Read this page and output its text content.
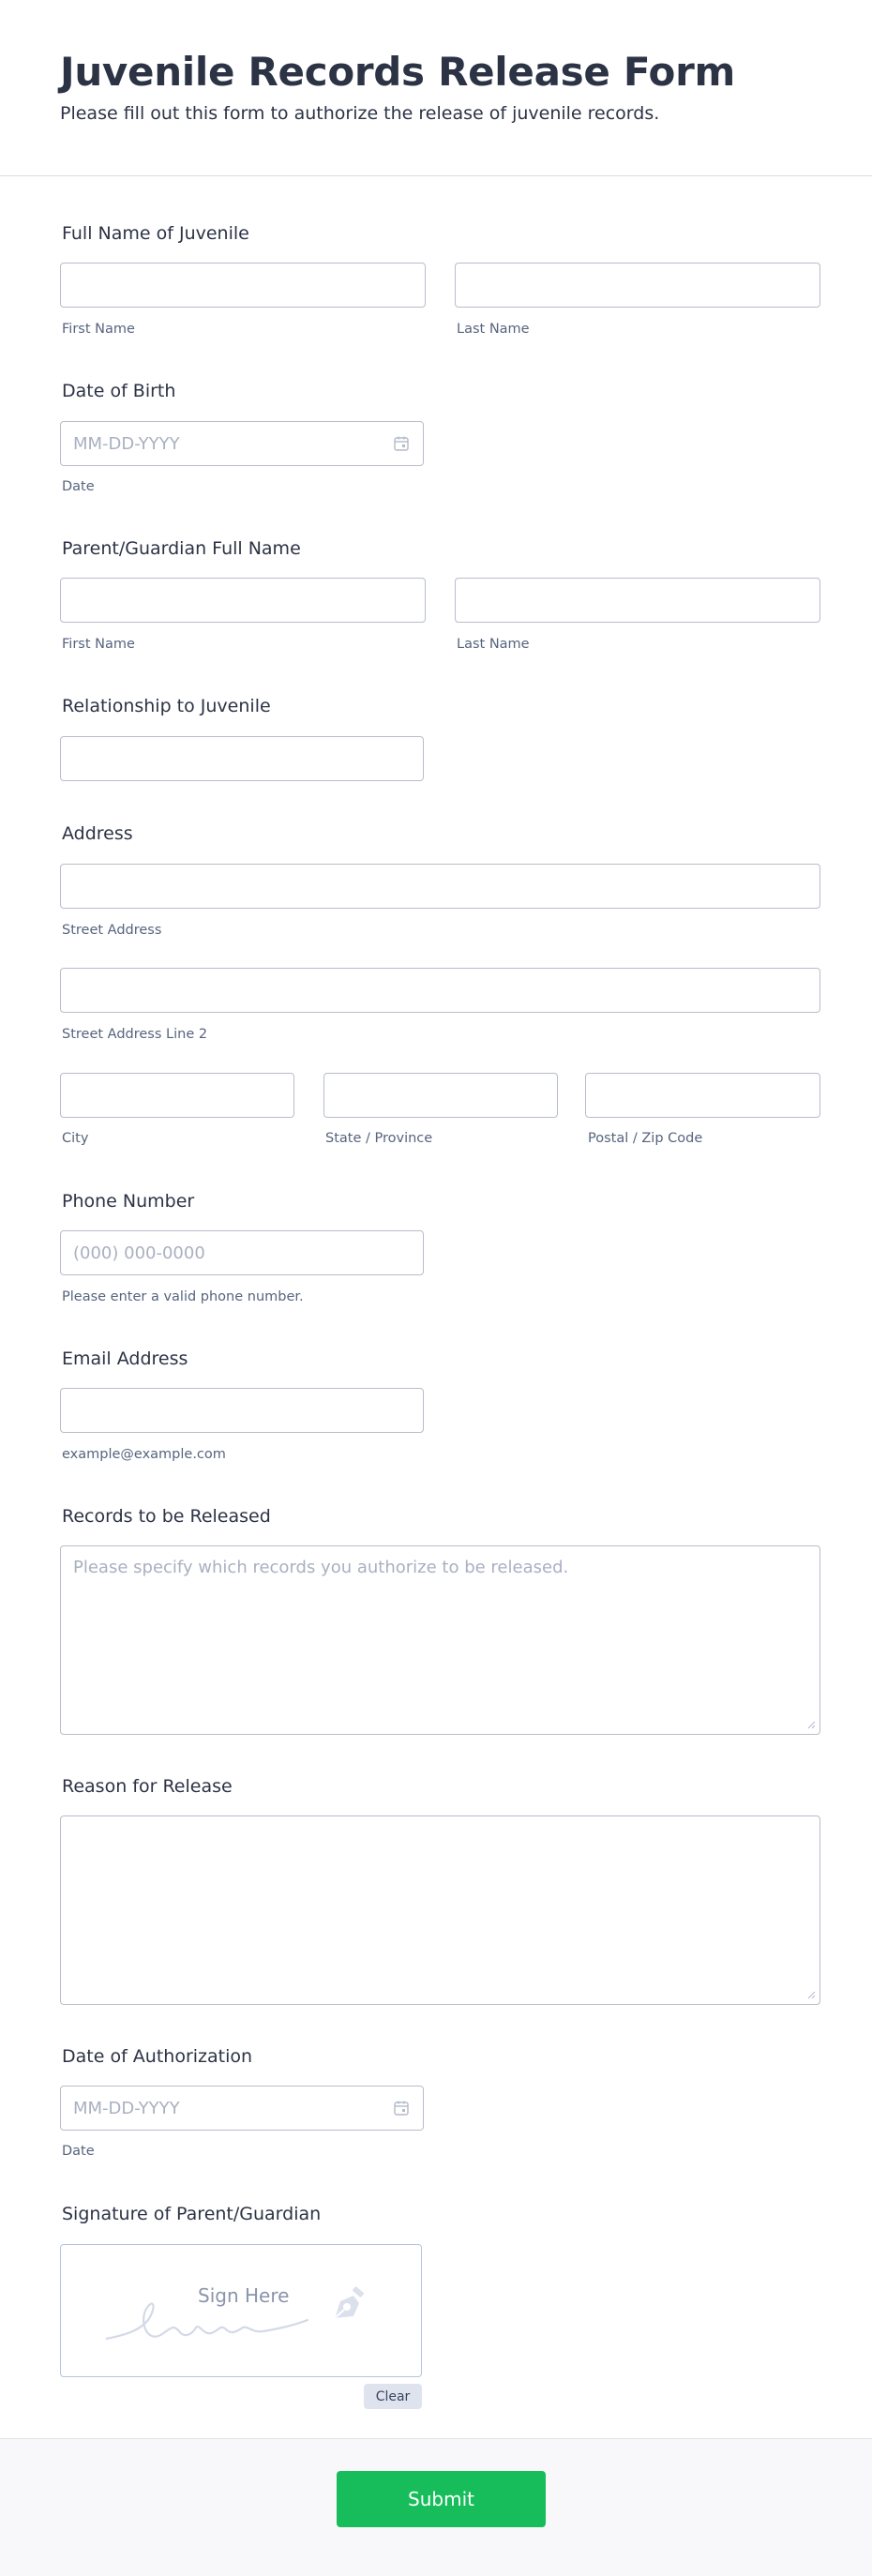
Juvenile Records Release Form

Please fill out this form to authorize the release of juvenile records.

Full Name of Juvenile
First Name	Last Name
Date of Birth
MM-DD-YYYY
Date
Parent/Guardian Full Name
First Name	Last Name
Relationship to Juvenile
Address
Street Address
Street Address Line 2
City	State / Province	Postal / Zip Code
Phone Number
(000) 000-0000
Please enter a valid phone number.
Email Address
example@example.com
Records to be Released
Please specify which records you authorize to be released.
Reason for Release
Date of Authorization
MM-DD-YYYY
Date
Signature of Parent/Guardian
Sign Here
Clear
Submit
